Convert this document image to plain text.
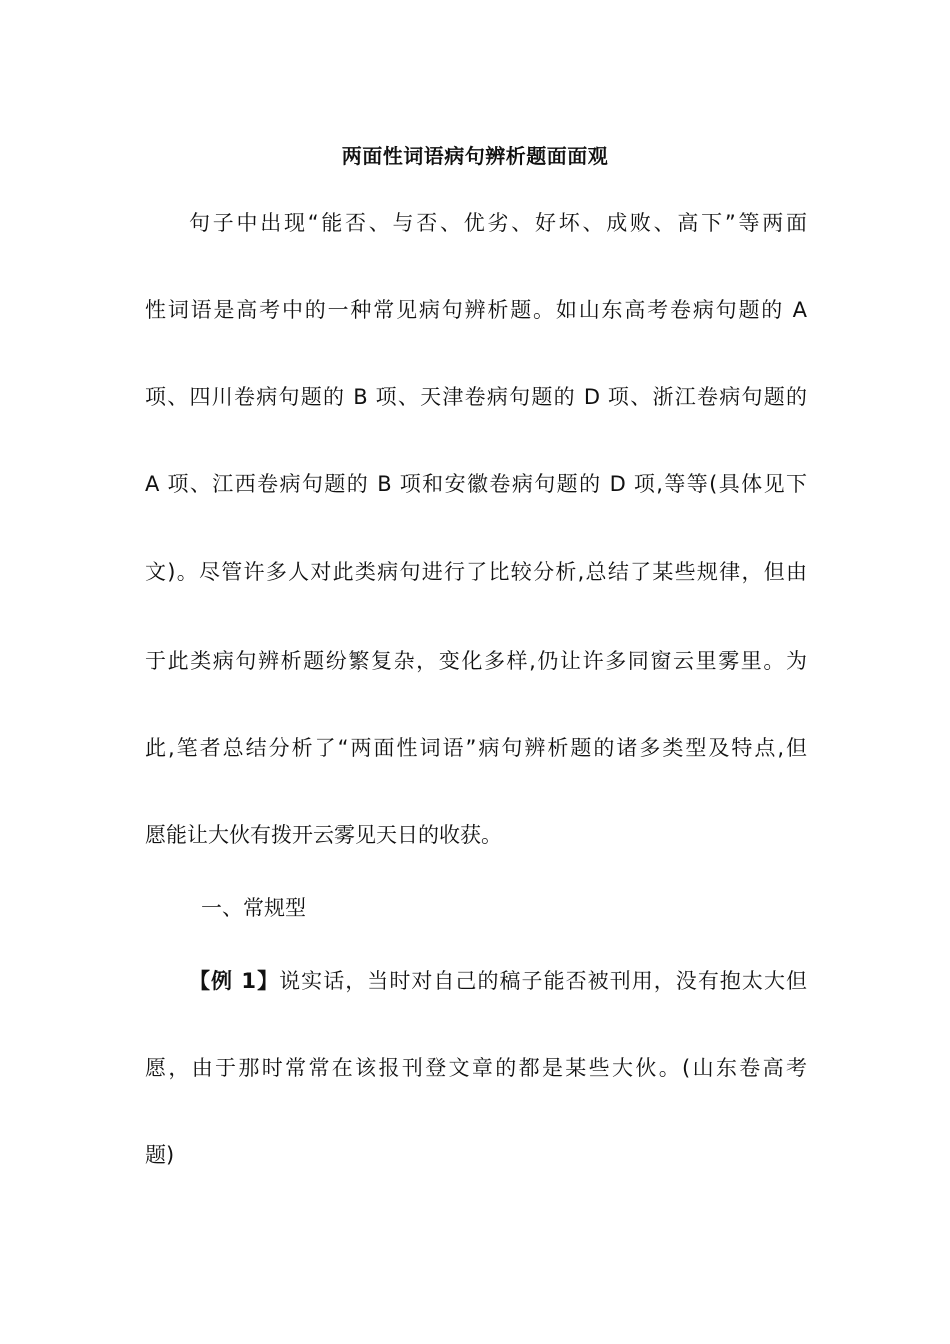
两面性词语病句辨析题面面观
句子中出现“能否、与否、优劣、好坏、成败、高下”等两面
性词语是高考中的一种常见病句辨析题。如山东高考卷病句题的 A
项、四川卷病句题的 B 项、天津卷病句题的 D 项、浙江卷病句题的
A 项、江西卷病句题的 B 项和安徽卷病句题的 D 项,等等(具体见下
文)。尽管许多人对此类病句进行了比较分析,总结了某些规律，但由
于此类病句辨析题纷繁复杂，变化多样,仍让许多同窗云里雾里。为
此,笔者总结分析了“两面性词语”病句辨析题的诸多类型及特点,但
愿能让大伙有拨开云雾见天日的收获。
一、常规型
【例 1】说实话，当时对自己的稿子能否被刊用，没有抱太大但
愿，由于那时常常在该报刊登文章的都是某些大伙。(山东卷高考
题)
